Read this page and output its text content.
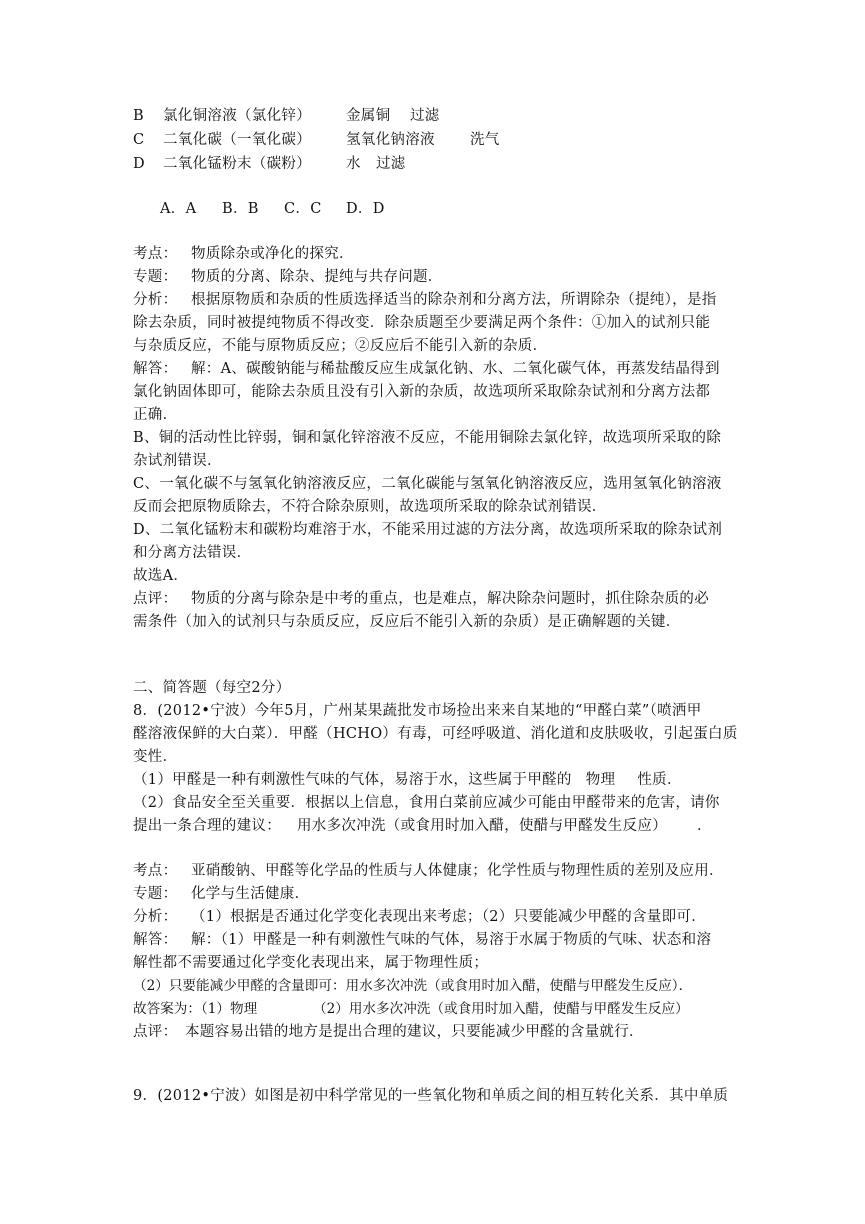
B 氯化铜溶液（氯化锌） 金属铜 过滤
C 二氧化碳（一氧化碳） 氢氧化钠溶液 洗气
D 二氧化锰粉末（碳粉） 水 过滤
A．A B．B C．C D．D
考点： 物质除杂或净化的探究．
专题： 物质的分离、除杂、提纯与共存问题．
分析： 根据原物质和杂质的性质选择适当的除杂剂和分离方法，所谓除杂（提纯），是指
除去杂质，同时被提纯物质不得改变．除杂质题至少要满足两个条件：①加入的试剂只能
与杂质反应，不能与原物质反应；②反应后不能引入新的杂质．
解答： 解：A、碳酸钠能与稀盐酸反应生成氯化钠、水、二氧化碳气体，再蒸发结晶得到
氯化钠固体即可，能除去杂质且没有引入新的杂质，故选项所采取除杂试剂和分离方法都
正确．
B、铜的活动性比锌弱，铜和氯化锌溶液不反应，不能用铜除去氯化锌，故选项所采取的除
杂试剂错误．
C、一氧化碳不与氢氧化钠溶液反应，二氧化碳能与氢氧化钠溶液反应，选用氢氧化钠溶液
反而会把原物质除去，不符合除杂原则，故选项所采取的除杂试剂错误．
D、二氧化锰粉末和碳粉均难溶于水，不能采用过滤的方法分离，故选项所采取的除杂试剂
和分离方法错误．
故选A．
点评： 物质的分离与除杂是中考的重点，也是难点，解决除杂问题时，抓住除杂质的必
需条件（加入的试剂只与杂质反应，反应后不能引入新的杂质）是正确解题的关键．
二、简答题（每空2分）
8．(2012•宁波）今年5月，广州某果蔬批发市场捡出来来自某地的“甲醛白菜”（喷洒甲
醛溶液保鲜的大白菜）．甲醛（HCHO）有毒，可经呼吸道、消化道和皮肤吸收，引起蛋白质
变性．
（1）甲醛是一种有刺激性气味的气体，易溶于水，这些属于甲醛的 物理 性质．
（2）食品安全至关重要．根据以上信息，食用白菜前应减少可能由甲醛带来的危害，请你
提出一条合理的建议： 用水多次冲洗（或食用时加入醋，使醋与甲醛发生反应） ．
考点： 亚硝酸钠、甲醛等化学品的性质与人体健康；化学性质与物理性质的差别及应用．
专题： 化学与生活健康．
分析： （1）根据是否通过化学变化表现出来考虑；（2）只要能减少甲醛的含量即可．
解答： 解：（1）甲醛是一种有刺激性气味的气体，易溶于水属于物质的气味、状态和溶
解性都不需要通过化学变化表现出来，属于物理性质；
（2）只要能减少甲醛的含量即可：用水多次冲洗（或食用时加入醋，使醋与甲醛发生反应）．
故答案为：（1）物理	（2）用水多次冲洗（或食用时加入醋，使醋与甲醛发生反应）
点评： 本题容易出错的地方是提出合理的建议，只要能减少甲醛的含量就行．
9．(2012•宁波）如图是初中科学常见的一些氧化物和单质之间的相互转化关系．其中单质
